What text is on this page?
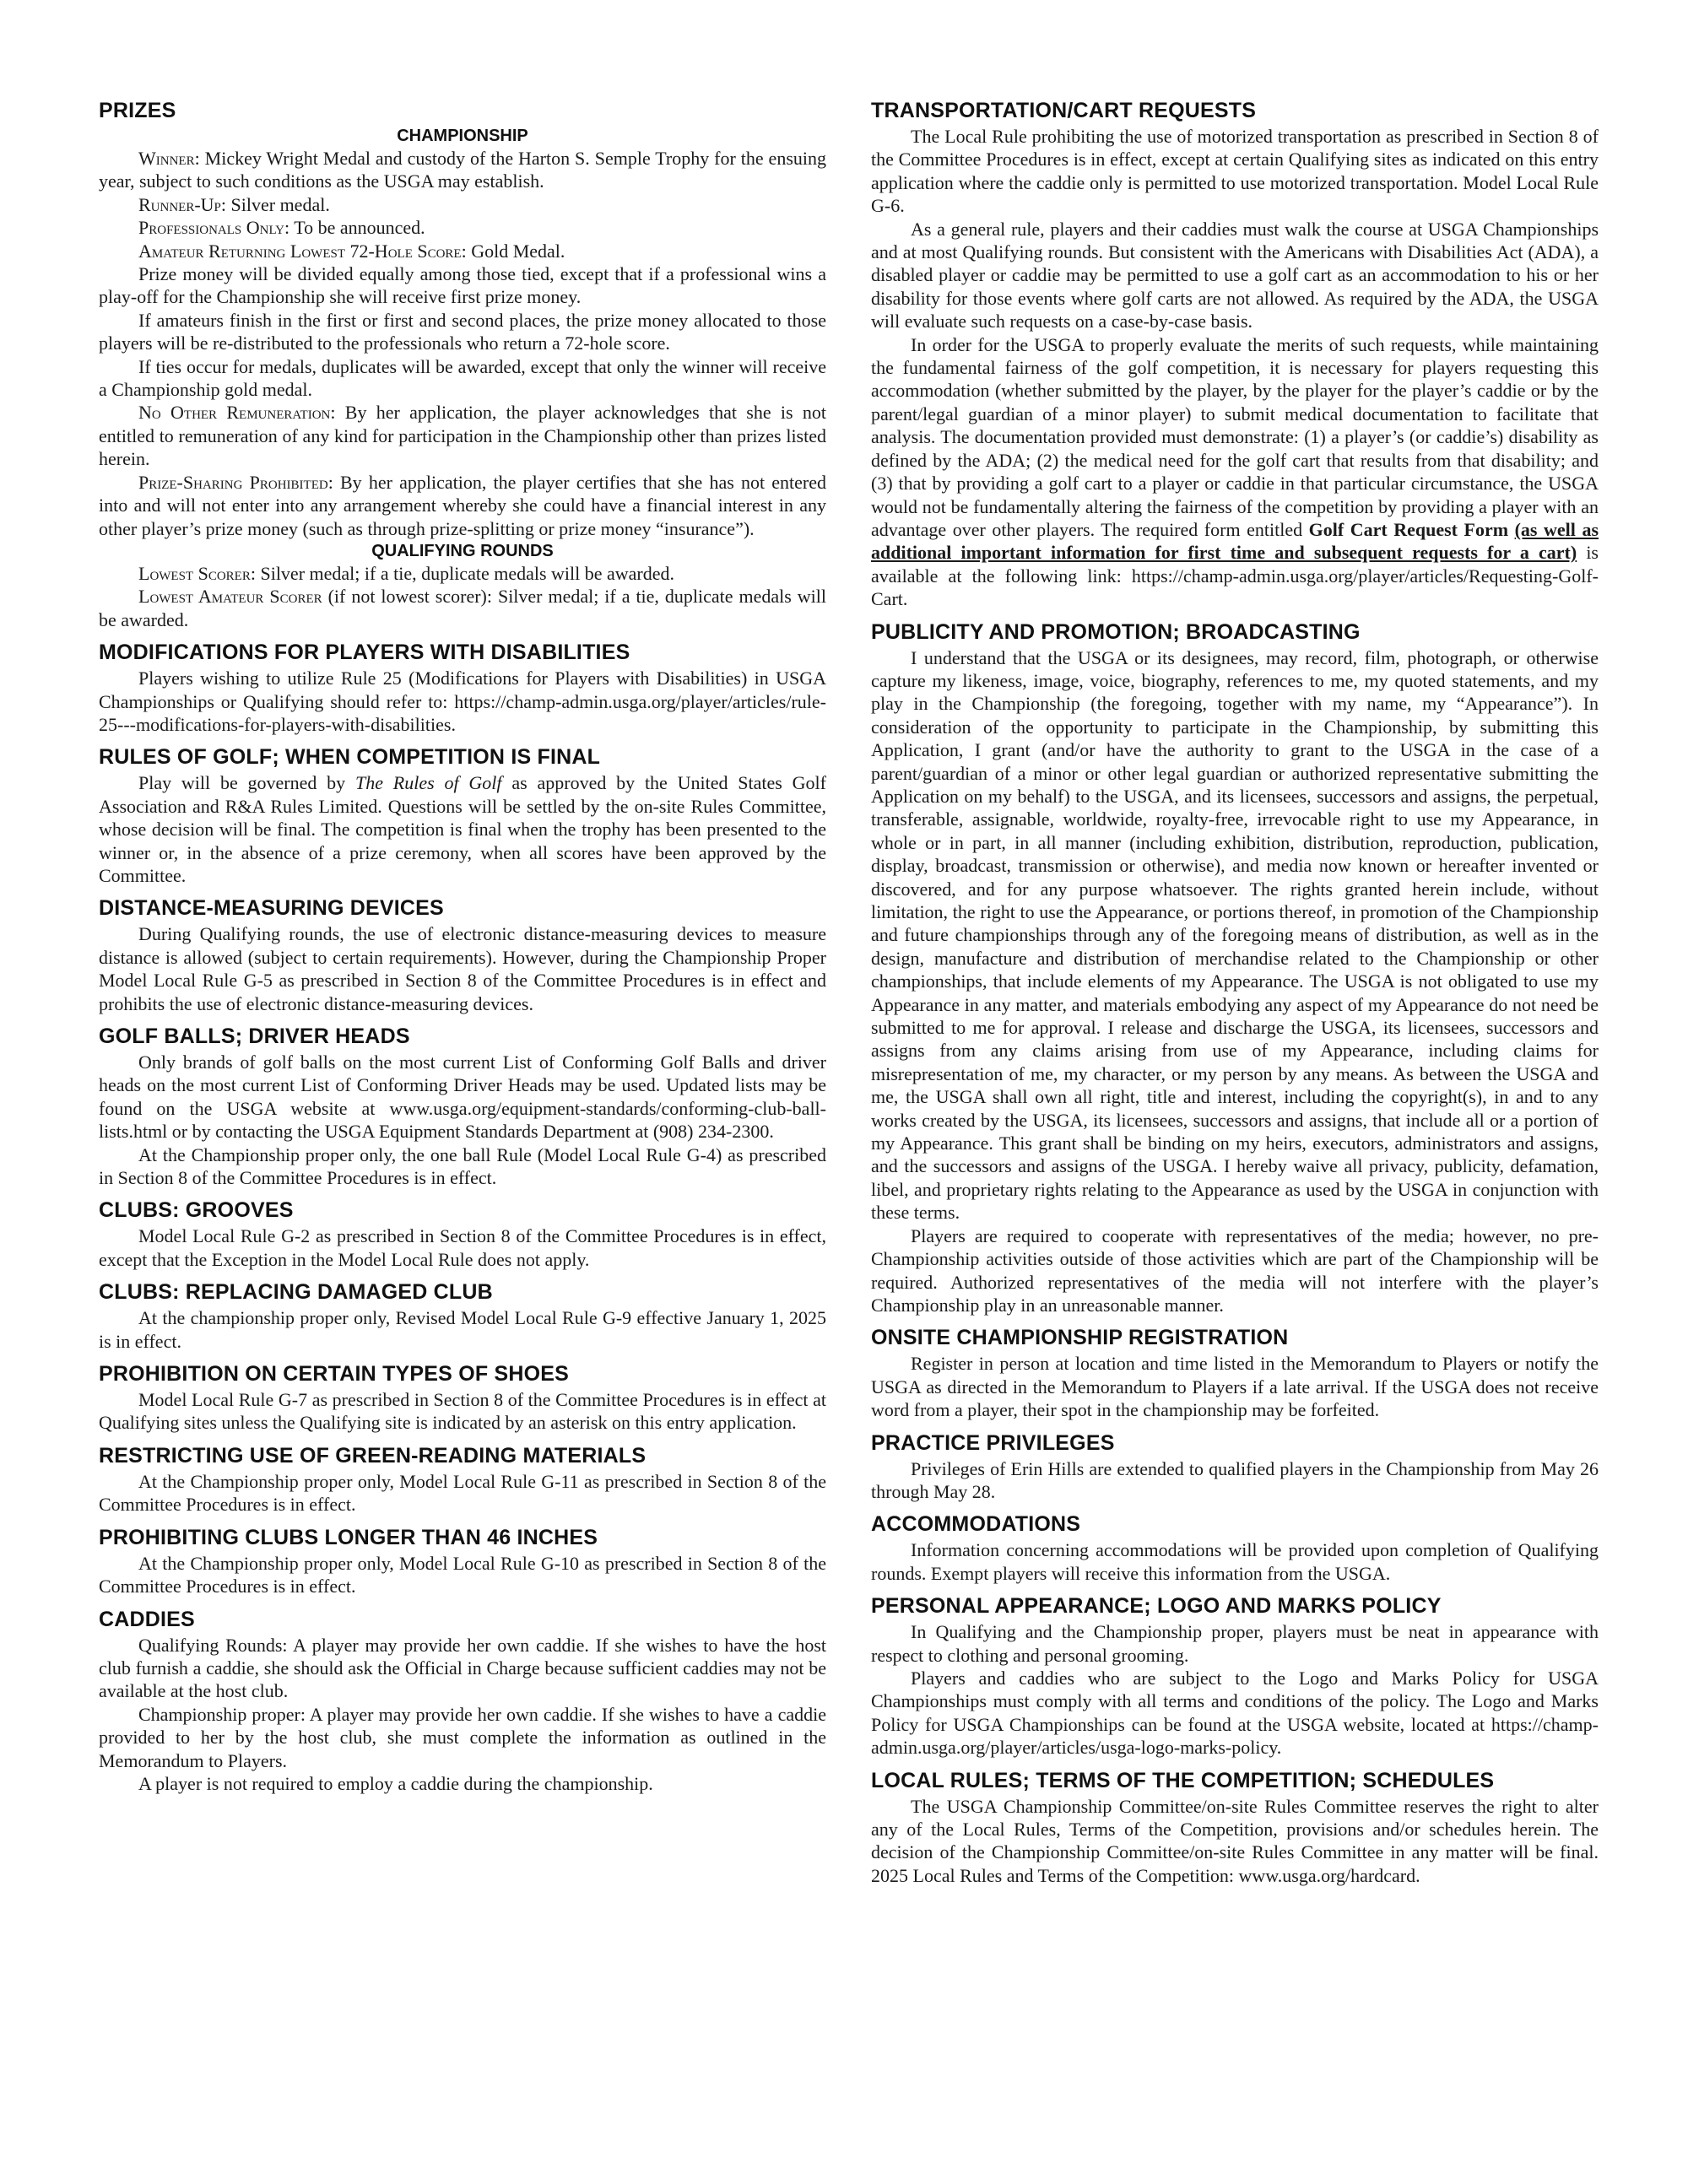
PRIZES
CHAMPIONSHIP

Winner: Mickey Wright Medal and custody of the Harton S. Semple Trophy for the ensuing year, subject to such conditions as the USGA may establish.

Runner-Up: Silver medal.

Professionals Only: To be announced.

Amateur Returning Lowest 72-Hole Score: Gold Medal.

Prize money will be divided equally among those tied, except that if a professional wins a play-off for the Championship she will receive first prize money.

If amateurs finish in the first or first and second places, the prize money allocated to those players will be re-distributed to the professionals who return a 72-hole score.

If ties occur for medals, duplicates will be awarded, except that only the winner will receive a Championship gold medal.

No Other Remuneration: By her application, the player acknowledges that she is not entitled to remuneration of any kind for participation in the Championship other than prizes listed herein.

Prize-Sharing Prohibited: By her application, the player certifies that she has not entered into and will not enter into any arrangement whereby she could have a financial interest in any other player’s prize money (such as through prize-splitting or prize money “insurance”).

QUALIFYING ROUNDS

Lowest Scorer: Silver medal; if a tie, duplicate medals will be awarded.

Lowest Amateur Scorer (if not lowest scorer): Silver medal; if a tie, duplicate medals will be awarded.

MODIFICATIONS FOR PLAYERS WITH DISABILITIES

Players wishing to utilize Rule 25 (Modifications for Players with Disabilities) in USGA Championships or Qualifying should refer to: https://champ-admin.usga.org/player/articles/rule-25---modifications-for-players-with-disabilities.

RULES OF GOLF; WHEN COMPETITION IS FINAL

Play will be governed by The Rules of Golf as approved by the United States Golf Association and R&A Rules Limited. Questions will be settled by the on-site Rules Committee, whose decision will be final. The competition is final when the trophy has been presented to the winner or, in the absence of a prize ceremony, when all scores have been approved by the Committee.

DISTANCE-MEASURING DEVICES

During Qualifying rounds, the use of electronic distance-measuring devices to measure distance is allowed (subject to certain requirements). However, during the Championship Proper Model Local Rule G-5 as prescribed in Section 8 of the Committee Procedures is in effect and prohibits the use of electronic distance-measuring devices.

GOLF BALLS; DRIVER HEADS

Only brands of golf balls on the most current List of Conforming Golf Balls and driver heads on the most current List of Conforming Driver Heads may be used. Updated lists may be found on the USGA website at www.usga.org/equipment-standards/conforming-club-ball-lists.html or by contacting the USGA Equipment Standards Department at (908) 234-2300.

At the Championship proper only, the one ball Rule (Model Local Rule G-4) as prescribed in Section 8 of the Committee Procedures is in effect.

CLUBS: GROOVES

Model Local Rule G-2 as prescribed in Section 8 of the Committee Procedures is in effect, except that the Exception in the Model Local Rule does not apply.

CLUBS: REPLACING DAMAGED CLUB

At the championship proper only, Revised Model Local Rule G-9 effective January 1, 2025 is in effect.

PROHIBITION ON CERTAIN TYPES OF SHOES

Model Local Rule G-7 as prescribed in Section 8 of the Committee Procedures is in effect at Qualifying sites unless the Qualifying site is indicated by an asterisk on this entry application.

RESTRICTING USE OF GREEN-READING MATERIALS

At the Championship proper only, Model Local Rule G-11 as prescribed in Section 8 of the Committee Procedures is in effect.

PROHIBITING CLUBS LONGER THAN 46 INCHES

At the Championship proper only, Model Local Rule G-10 as prescribed in Section 8 of the Committee Procedures is in effect.

CADDIES

Qualifying Rounds: A player may provide her own caddie. If she wishes to have the host club furnish a caddie, she should ask the Official in Charge because sufficient caddies may not be available at the host club.

Championship proper: A player may provide her own caddie. If she wishes to have a caddie provided to her by the host club, she must complete the information as outlined in the Memorandum to Players.

A player is not required to employ a caddie during the championship.

TRANSPORTATION/CART REQUESTS

The Local Rule prohibiting the use of motorized transportation as prescribed in Section 8 of the Committee Procedures is in effect, except at certain Qualifying sites as indicated on this entry application where the caddie only is permitted to use motorized transportation. Model Local Rule G-6.

As a general rule, players and their caddies must walk the course at USGA Championships and at most Qualifying rounds. But consistent with the Americans with Disabilities Act (ADA), a disabled player or caddie may be permitted to use a golf cart as an accommodation to his or her disability for those events where golf carts are not allowed. As required by the ADA, the USGA will evaluate such requests on a case-by-case basis.

In order for the USGA to properly evaluate the merits of such requests, while maintaining the fundamental fairness of the golf competition, it is necessary for players requesting this accommodation (whether submitted by the player, by the player for the player’s caddie or by the parent/legal guardian of a minor player) to submit medical documentation to facilitate that analysis. The documentation provided must demonstrate: (1) a player’s (or caddie’s) disability as defined by the ADA; (2) the medical need for the golf cart that results from that disability; and (3) that by providing a golf cart to a player or caddie in that particular circumstance, the USGA would not be fundamentally altering the fairness of the competition by providing a player with an advantage over other players. The required form entitled Golf Cart Request Form (as well as additional important information for first time and subsequent requests for a cart) is available at the following link: https://champ-admin.usga.org/player/articles/Requesting-Golf-Cart.

PUBLICITY AND PROMOTION; BROADCASTING

I understand that the USGA or its designees, may record, film, photograph, or otherwise capture my likeness, image, voice, biography, references to me, my quoted statements, and my play in the Championship (the foregoing, together with my name, my “Appearance”). In consideration of the opportunity to participate in the Championship, by submitting this Application, I grant (and/or have the authority to grant to the USGA in the case of a parent/guardian of a minor or other legal guardian or authorized representative submitting the Application on my behalf) to the USGA, and its licensees, successors and assigns, the perpetual, transferable, assignable, worldwide, royalty-free, irrevocable right to use my Appearance, in whole or in part, in all manner (including exhibition, distribution, reproduction, publication, display, broadcast, transmission or otherwise), and media now known or hereafter invented or discovered, and for any purpose whatsoever. The rights granted herein include, without limitation, the right to use the Appearance, or portions thereof, in promotion of the Championship and future championships through any of the foregoing means of distribution, as well as in the design, manufacture and distribution of merchandise related to the Championship or other championships, that include elements of my Appearance. The USGA is not obligated to use my Appearance in any matter, and materials embodying any aspect of my Appearance do not need be submitted to me for approval. I release and discharge the USGA, its licensees, successors and assigns from any claims arising from use of my Appearance, including claims for misrepresentation of me, my character, or my person by any means. As between the USGA and me, the USGA shall own all right, title and interest, including the copyright(s), in and to any works created by the USGA, its licensees, successors and assigns, that include all or a portion of my Appearance. This grant shall be binding on my heirs, executors, administrators and assigns, and the successors and assigns of the USGA. I hereby waive all privacy, publicity, defamation, libel, and proprietary rights relating to the Appearance as used by the USGA in conjunction with these terms.

Players are required to cooperate with representatives of the media; however, no pre-Championship activities outside of those activities which are part of the Championship will be required. Authorized representatives of the media will not interfere with the player’s Championship play in an unreasonable manner.

ONSITE CHAMPIONSHIP REGISTRATION

Register in person at location and time listed in the Memorandum to Players or notify the USGA as directed in the Memorandum to Players if a late arrival. If the USGA does not receive word from a player, their spot in the championship may be forfeited.

PRACTICE PRIVILEGES

Privileges of Erin Hills are extended to qualified players in the Championship from May 26 through May 28.

ACCOMMODATIONS

Information concerning accommodations will be provided upon completion of Qualifying rounds. Exempt players will receive this information from the USGA.

PERSONAL APPEARANCE; LOGO AND MARKS POLICY

In Qualifying and the Championship proper, players must be neat in appearance with respect to clothing and personal grooming.

Players and caddies who are subject to the Logo and Marks Policy for USGA Championships must comply with all terms and conditions of the policy. The Logo and Marks Policy for USGA Championships can be found at the USGA website, located at https://champ-admin.usga.org/player/articles/usga-logo-marks-policy.

LOCAL RULES; TERMS OF THE COMPETITION; SCHEDULES

The USGA Championship Committee/on-site Rules Committee reserves the right to alter any of the Local Rules, Terms of the Competition, provisions and/or schedules herein. The decision of the Championship Committee/on-site Rules Committee in any matter will be final. 2025 Local Rules and Terms of the Competition: www.usga.org/hardcard.
